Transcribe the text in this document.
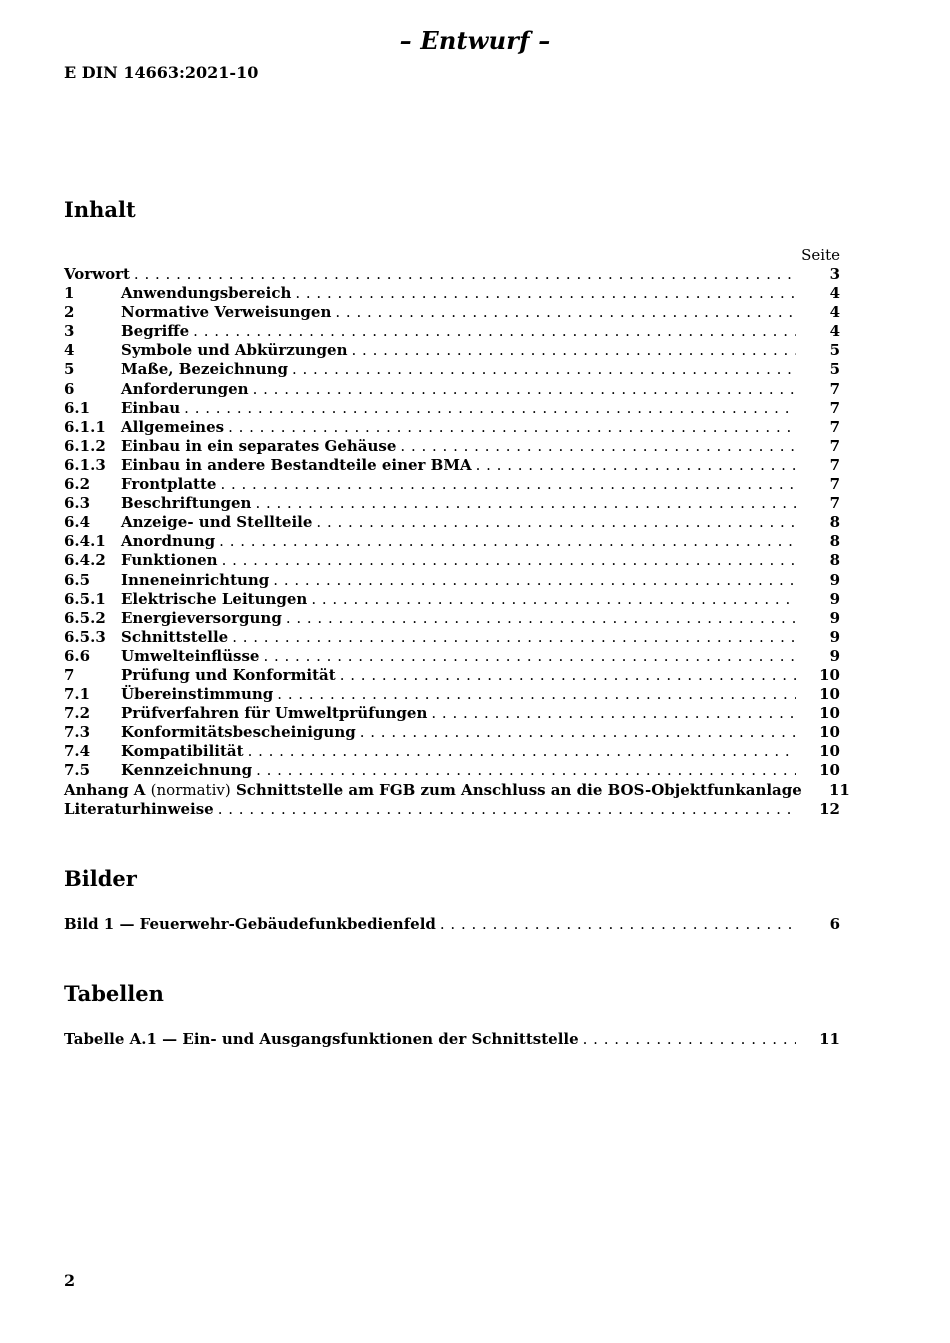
– Entwurf –
E DIN 14663:2021-10
Inhalt
Seite
Vorwort . . .	3
1	Anwendungsbereich . . .	4
2	Normative Verweisungen . . .	4
3	Begriffe . . .	4
4	Symbole und Abkürzungen . . .	5
5	Maße, Bezeichnung . . .	5
6	Anforderungen . . .	7
6.1	Einbau . . .	7
6.1.1	Allgemeines . . .	7
6.1.2	Einbau in ein separates Gehäuse . . .	7
6.1.3	Einbau in andere Bestandteile einer BMA . . .	7
6.2	Frontplatte . . .	7
6.3	Beschriftungen . . .	7
6.4	Anzeige- und Stellteile . . .	8
6.4.1	Anordnung . . .	8
6.4.2	Funktionen . . .	8
6.5	Inneneinrichtung . . .	9
6.5.1	Elektrische Leitungen . . .	9
6.5.2	Energieversorgung . . .	9
6.5.3	Schnittstelle . . .	9
6.6	Umwelteinflüsse . . .	9
7	Prüfung und Konformität . . .	10
7.1	Übereinstimmung . . .	10
7.2	Prüfverfahren für Umweltprüfungen . . .	10
7.3	Konformitätsbescheinigung . . .	10
7.4	Kompatibilität . . .	10
7.5	Kennzeichnung . . .	10
Anhang A (normativ) Schnittstelle am FGB zum Anschluss an die BOS-Objektfunkanlage	11
Literaturhinweise . . .	12
Bilder
Bild 1 — Feuerwehr-Gebäudefunkbedienfeld . . .	6
Tabellen
Tabelle A.1 — Ein- und Ausgangsfunktionen der Schnittstelle . . .	11
2
